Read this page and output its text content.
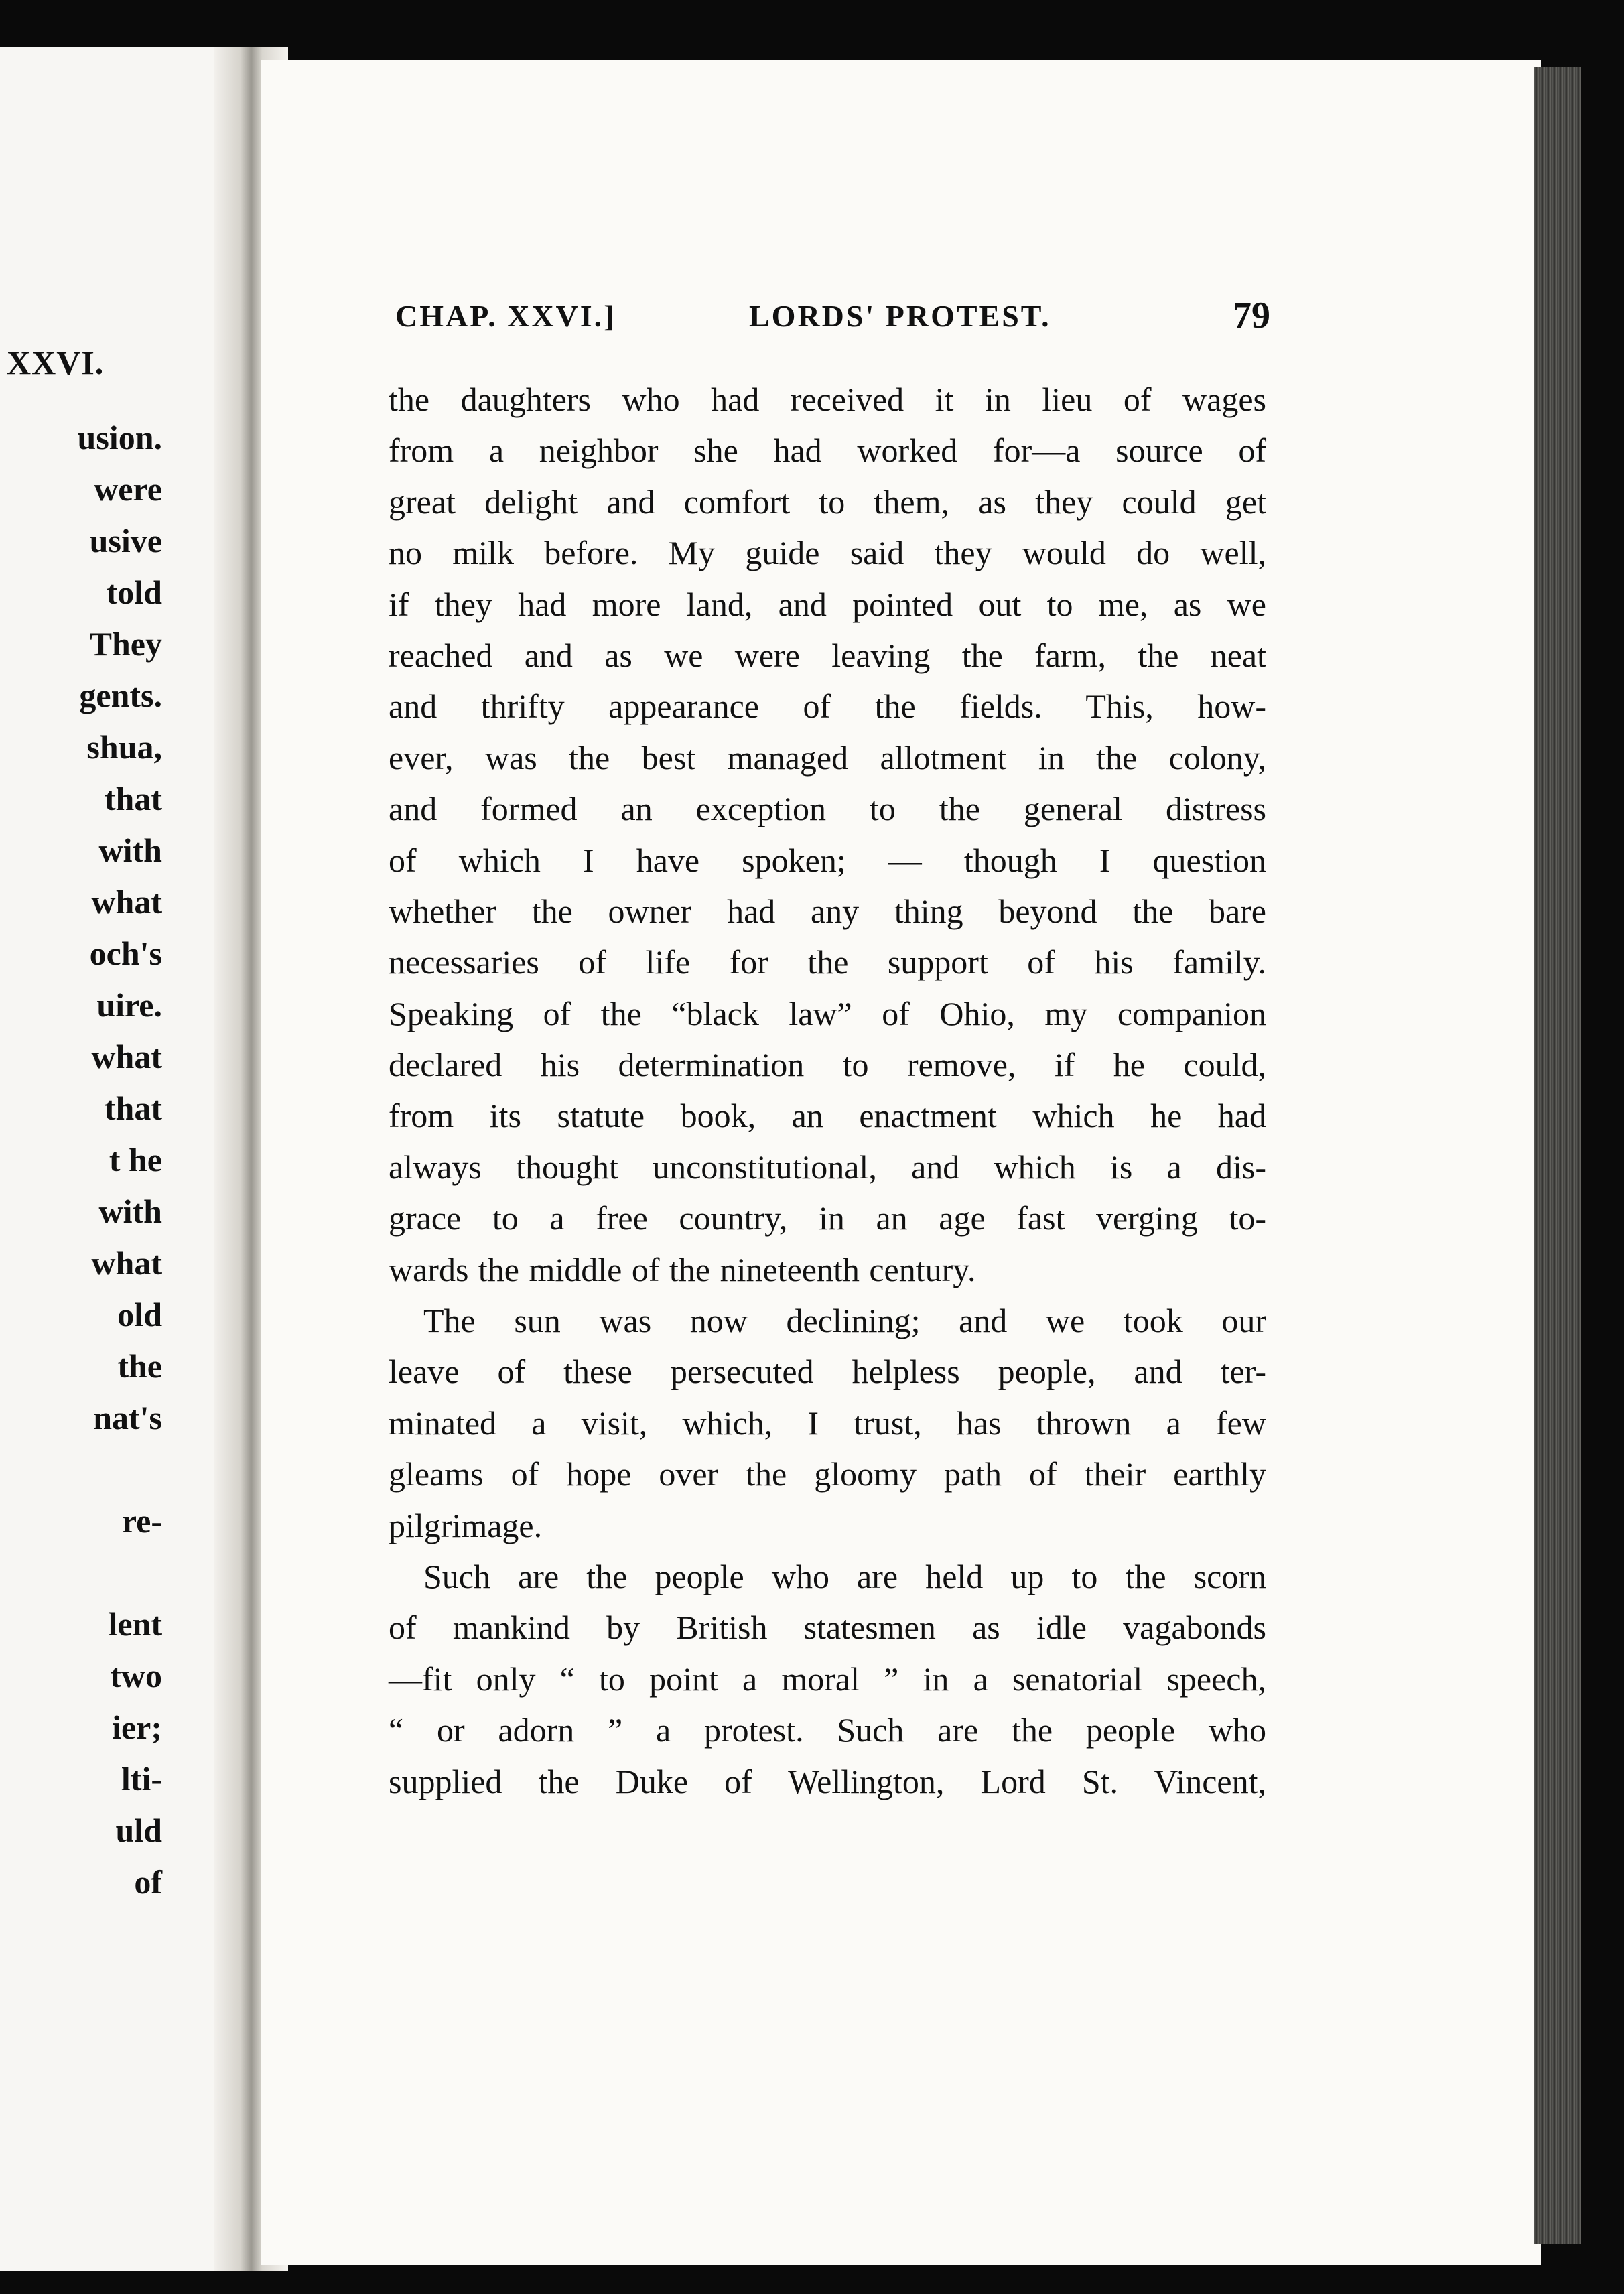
XXVI.
usion.
were
usive
told
They
gents.
shua,
that
with
what
och's
uire.
what
that
t he
with
what
old
the
nat's
re-
lent
two
ier;
lti-
uld
of
CHAP. XXVI.]	LORDS' PROTEST.	79
the daughters who had received it in lieu of wages
from a neighbor she had worked for—a source of
great delight and comfort to them, as they could get
no milk before. My guide said they would do well,
if they had more land, and pointed out to me, as we
reached and as we were leaving the farm, the neat
and thrifty appearance of the fields. This, how-
ever, was the best managed allotment in the colony,
and formed an exception to the general distress
of which I have spoken; — though I question
whether the owner had any thing beyond the bare
necessaries of life for the support of his family.
Speaking of the “black law” of Ohio, my companion
declared his determination to remove, if he could,
from its statute book, an enactment which he had
always thought unconstitutional, and which is a dis-
grace to a free country, in an age fast verging to-
wards the middle of the nineteenth century.
The sun was now declining; and we took our
leave of these persecuted helpless people, and ter-
minated a visit, which, I trust, has thrown a few
gleams of hope over the gloomy path of their earthly
pilgrimage.
Such are the people who are held up to the scorn
of mankind by British statesmen as idle vagabonds
—fit only “ to point a moral ” in a senatorial speech,
“ or adorn ” a protest. Such are the people who
supplied the Duke of Wellington, Lord St. Vincent,
